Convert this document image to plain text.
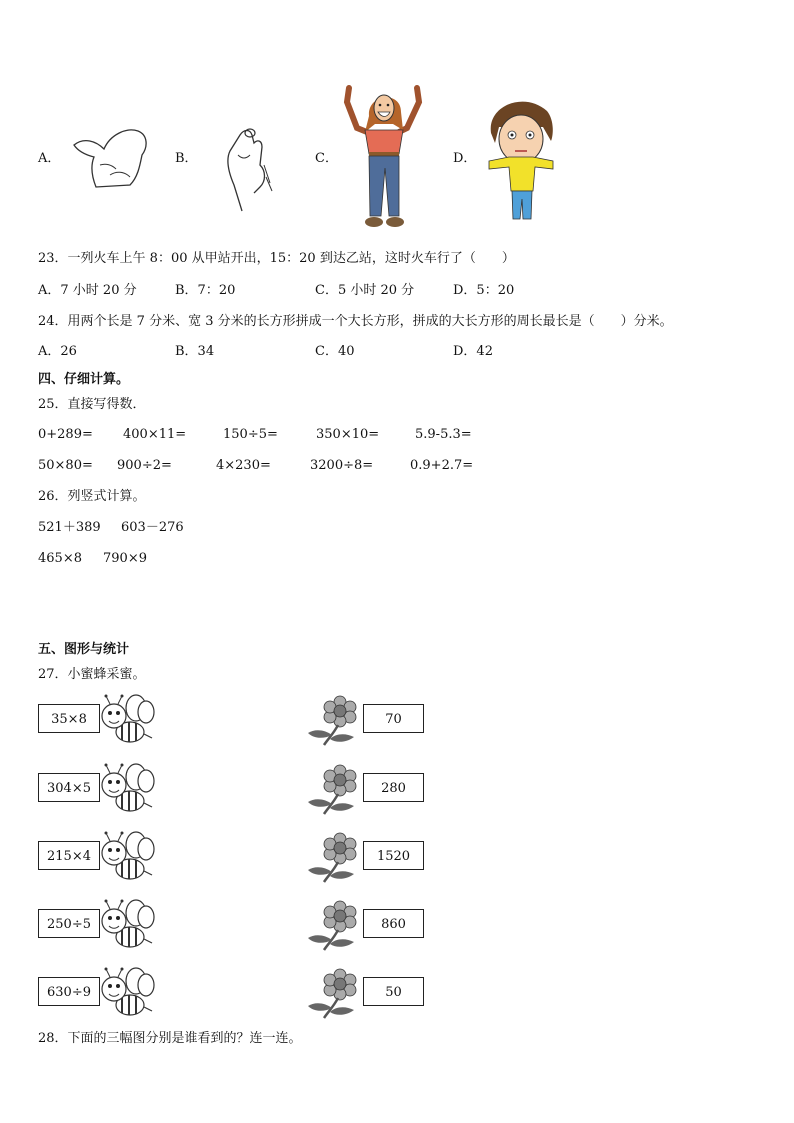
A．	B．	C．	D．
23．一列火车上午 8：00 从甲站开出，15：20 到达乙站，这时火车行了（　　）
A．7 小时 20 分	B．7：20	C．5 小时 20 分	D．5：20
24．用两个长是 7 分米、宽 3 分米的长方形拼成一个大长方形，拼成的大长方形的周长最长是（　　）分米。
A．26	B．34	C．40	D．42
四、仔细计算。
25．直接写得数．
0+289= 400×11=	150÷5=	350×10=	5.9-5.3=
50×80= 900÷2=	4×230=	3200÷8=	0.9+2.7=
26．列竖式计算。
521＋389 603－276
465×8 790×9
五、图形与统计
27．小蜜蜂采蜜。
35×8	70
304×5	280
215×4	1520
250÷5	860
630÷9	50
28．下面的三幅图分别是谁看到的？连一连。
